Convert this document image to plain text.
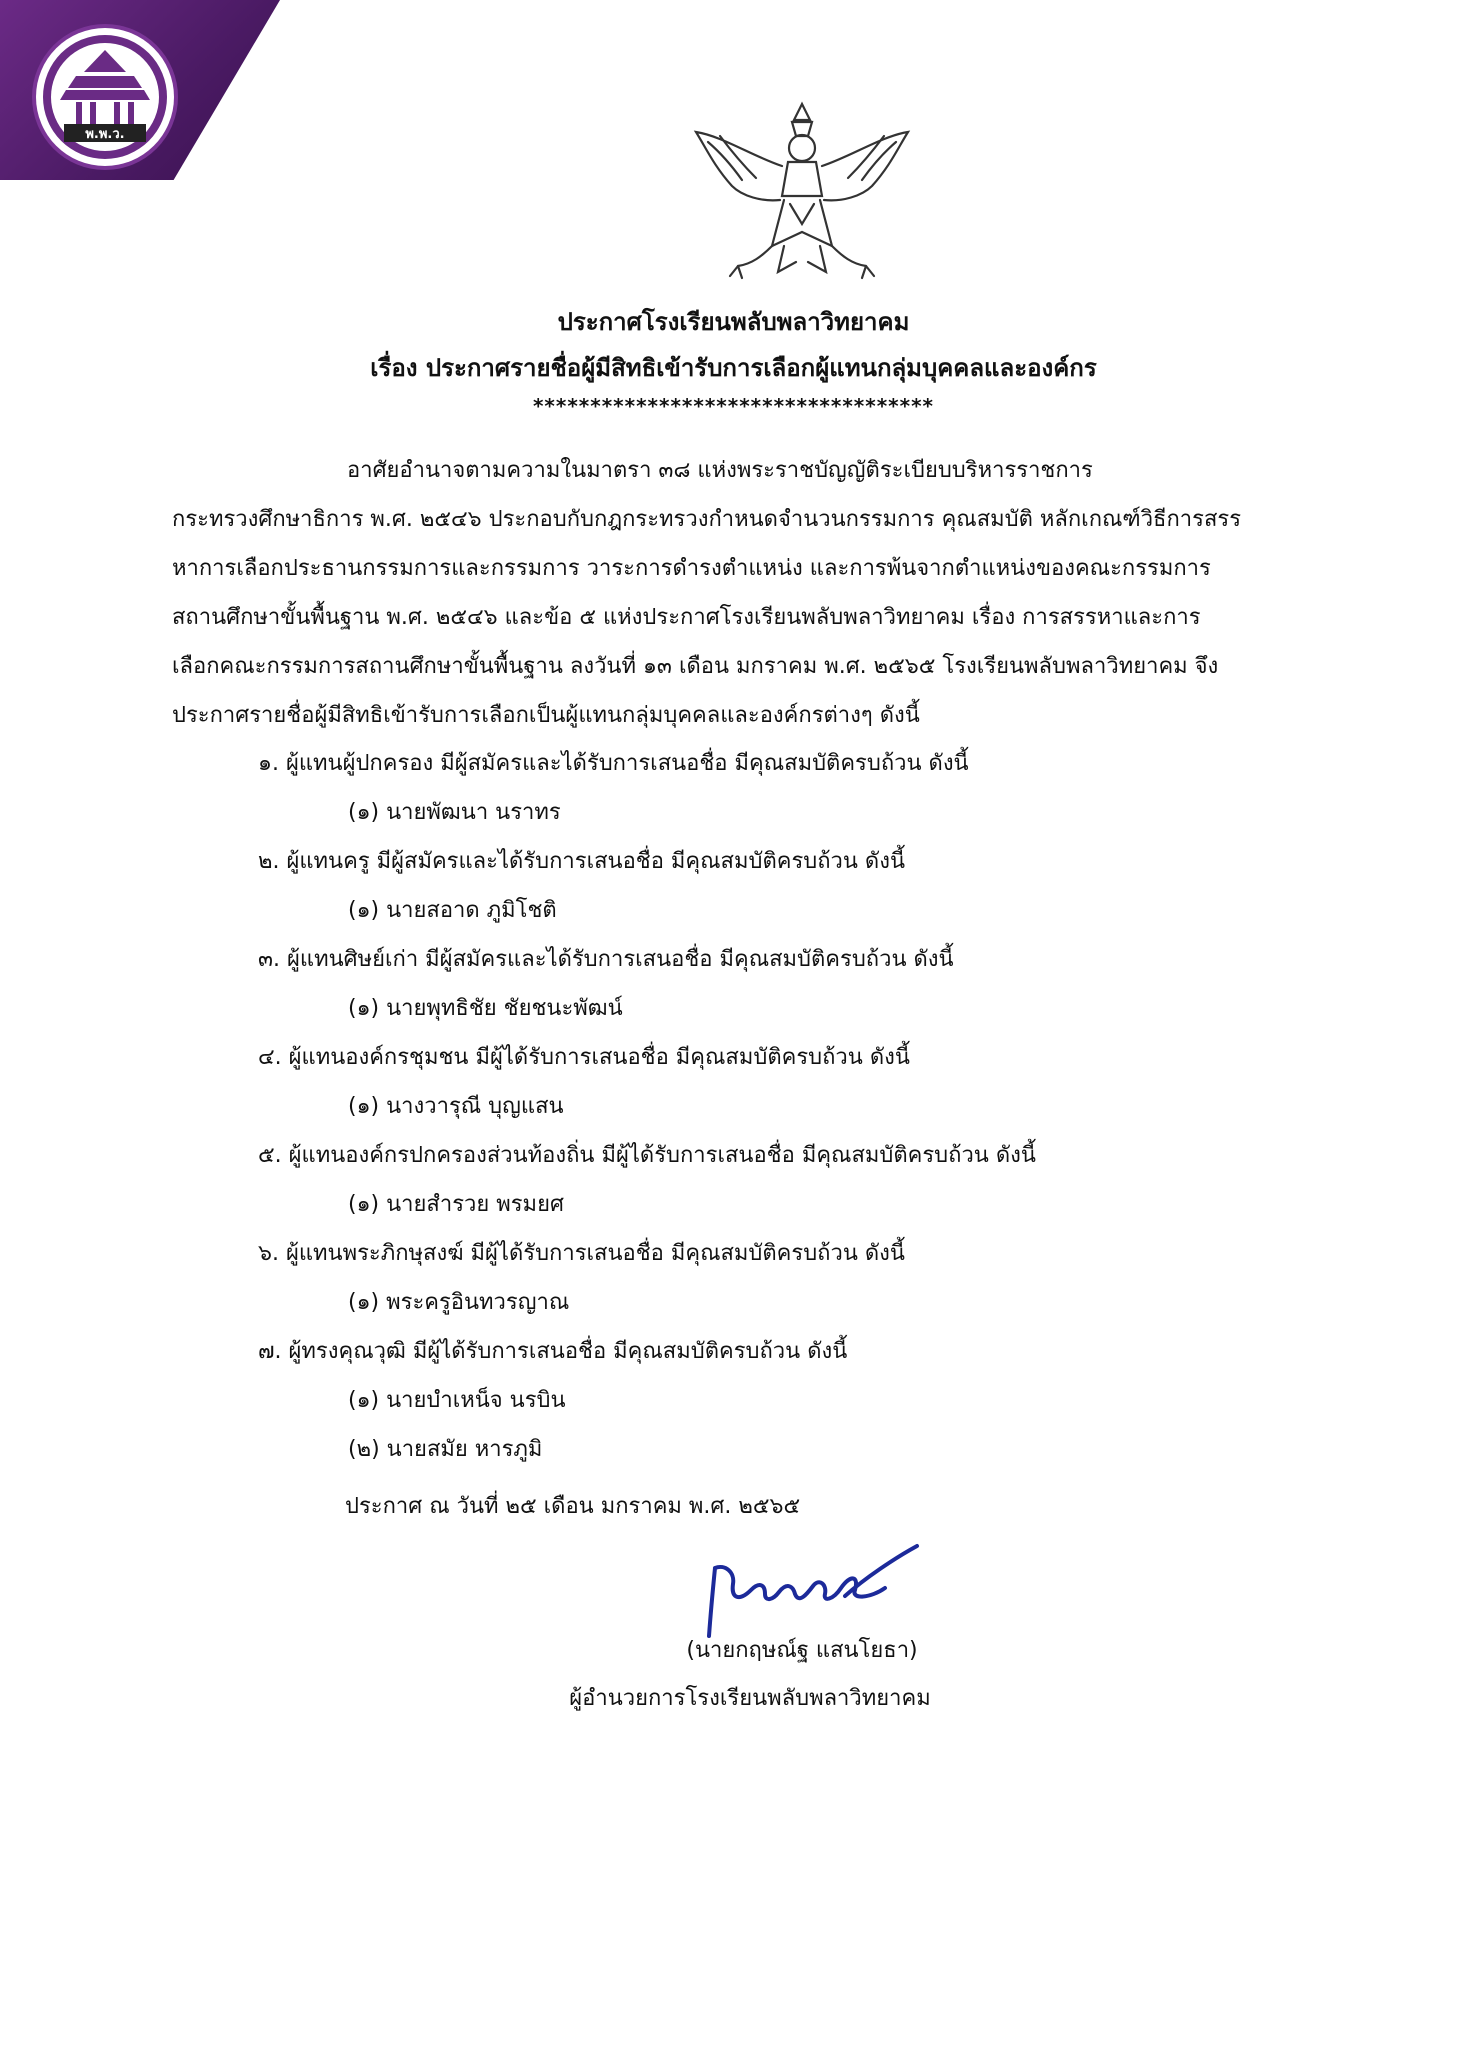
พ.พ.ว.
ประกาศโรงเรียนพลับพลาวิทยาคม
เรื่อง ประกาศรายชื่อผู้มีสิทธิเข้ารับการเลือกผู้แทนกลุ่มบุคคลและองค์กร
***********************************
อาศัยอำนาจตามความในมาตรา ๓๘ แห่งพระราชบัญญัติระเบียบบริหารราชการ
กระทรวงศึกษาธิการ พ.ศ. ๒๕๔๖ ประกอบกับกฎกระทรวงกำหนดจำนวนกรรมการ คุณสมบัติ หลักเกณฑ์วิธีการสรร
หาการเลือกประธานกรรมการและกรรมการ วาระการดำรงตำแหน่ง และการพ้นจากตำแหน่งของคณะกรรมการ
สถานศึกษาขั้นพื้นฐาน พ.ศ. ๒๕๔๖ และข้อ ๕ แห่งประกาศโรงเรียนพลับพลาวิทยาคม เรื่อง การสรรหาและการ
เลือกคณะกรรมการสถานศึกษาขั้นพื้นฐาน ลงวันที่ ๑๓ เดือน มกราคม พ.ศ. ๒๕๖๕ โรงเรียนพลับพลาวิทยาคม จึง
ประกาศรายชื่อผู้มีสิทธิเข้ารับการเลือกเป็นผู้แทนกลุ่มบุคคลและองค์กรต่างๆ ดังนี้
๑. ผู้แทนผู้ปกครอง มีผู้สมัครและได้รับการเสนอชื่อ มีคุณสมบัติครบถ้วน ดังนี้
(๑) นายพัฒนา นราทร
๒. ผู้แทนครู มีผู้สมัครและได้รับการเสนอชื่อ มีคุณสมบัติครบถ้วน ดังนี้
(๑) นายสอาด ภูมิโชติ
๓. ผู้แทนศิษย์เก่า มีผู้สมัครและได้รับการเสนอชื่อ มีคุณสมบัติครบถ้วน ดังนี้
(๑) นายพุทธิชัย ชัยชนะพัฒน์
๔. ผู้แทนองค์กรชุมชน มีผู้ได้รับการเสนอชื่อ มีคุณสมบัติครบถ้วน ดังนี้
(๑) นางวารุณี บุญแสน
๕. ผู้แทนองค์กรปกครองส่วนท้องถิ่น มีผู้ได้รับการเสนอชื่อ มีคุณสมบัติครบถ้วน ดังนี้
(๑) นายสำรวย พรมยศ
๖. ผู้แทนพระภิกษุสงฆ์ มีผู้ได้รับการเสนอชื่อ มีคุณสมบัติครบถ้วน ดังนี้
(๑) พระครูอินทวรญาณ
๗. ผู้ทรงคุณวุฒิ มีผู้ได้รับการเสนอชื่อ มีคุณสมบัติครบถ้วน ดังนี้
(๑) นายบำเหน็จ นรบิน
(๒) นายสมัย หารภูมิ
ประกาศ ณ วันที่ ๒๕ เดือน มกราคม พ.ศ. ๒๕๖๕
(นายกฤษณ์ฐ แสนโยธา)
ผู้อำนวยการโรงเรียนพลับพลาวิทยาคม
